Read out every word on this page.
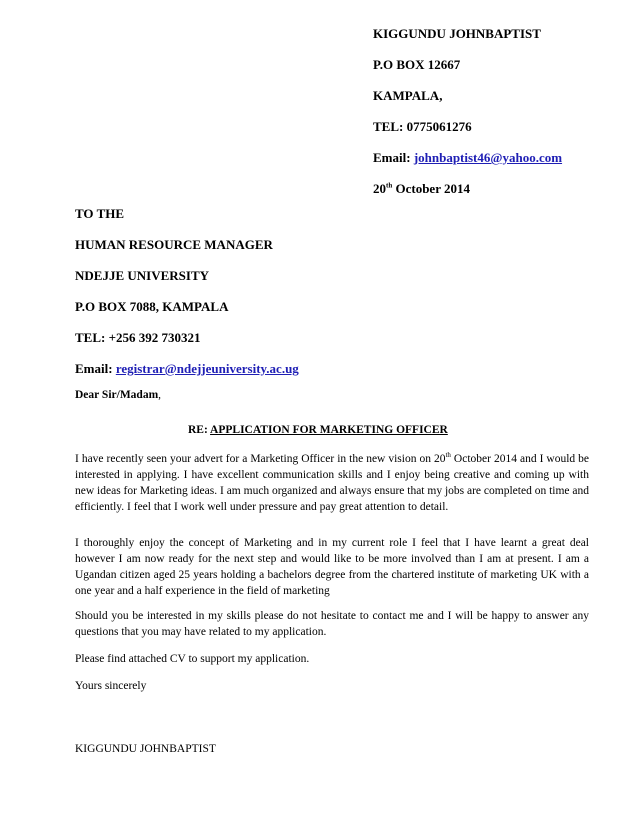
KIGGUNDU JOHNBAPTIST
P.O BOX 12667
KAMPALA,
TEL: 0775061276
Email: johnbaptist46@yahoo.com
20th October 2014
TO THE
HUMAN RESOURCE MANAGER
NDEJJE UNIVERSITY
P.O BOX 7088, KAMPALA
TEL: +256 392 730321
Email: registrar@ndejjeuniversity.ac.ug
Dear Sir/Madam,
RE: APPLICATION FOR MARKETING OFFICER

I have recently seen your advert for a Marketing Officer in the new vision on 20th October 2014 and I would be interested in applying. I have excellent communication skills and I enjoy being creative and coming up with new ideas for Marketing ideas. I am much organized and always ensure that my jobs are completed on time and efficiently. I feel that I work well under pressure and pay great attention to detail.

I thoroughly enjoy the concept of Marketing and in my current role I feel that I have learnt a great deal however I am now ready for the next step and would like to be more involved than I am at present. I am a Ugandan citizen aged 25 years holding a bachelors degree from the chartered institute of marketing UK with a one year and a half experience in the field of marketing

Should you be interested in my skills please do not hesitate to contact me and I will be happy to answer any questions that you may have related to my application.

Please find attached CV to support my application.

Yours sincerely

KIGGUNDU JOHNBAPTIST
